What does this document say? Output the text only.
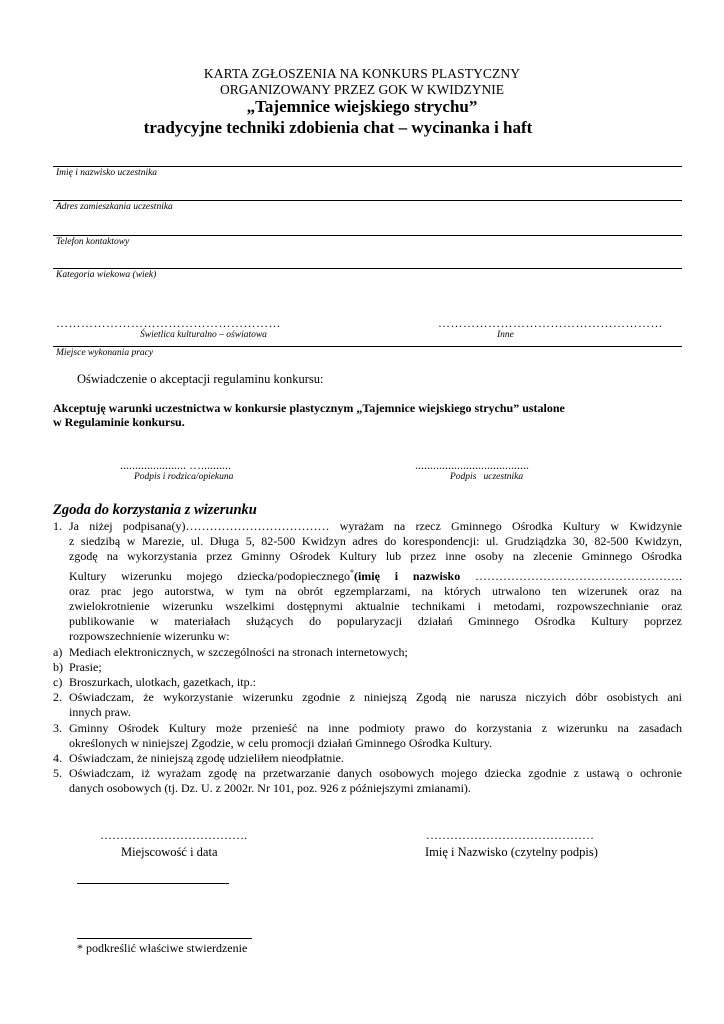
KARTA ZGŁOSZENIA NA KONKURS PLASTYCZNY
ORGANIZOWANY PRZEZ GOK W KWIDZYNIE
„Tajemnice wiejskiego strychu”
tradycyjne techniki zdobienia chat – wycinanka i haft
Imię i nazwisko uczestnika
Adres zamieszkania uczestnika
Telefon kontaktowy
Kategoria wiekowa (wiek)
………………………………………………	………………………………………………
Świetlica kulturalno – oświatowa	Inne
Miejsce wykonania pracy
Oświadczenie o akceptacji regulaminu konkursu:
Akceptuję warunki uczestnictwa w konkursie plastycznym „Tajemnice wiejskiego strychu” ustalone
w Regulaminie konkursu.
...................... …..........
Podpis i rodzica/opiekuna
......................................
Podpis   uczestnika
Zgoda do korzystania z wizerunku
1. Ja niżej podpisana(y)……………………………… wyrażam na rzecz Gminnego Ośrodka Kultury w Kwidzynie
z siedzibą w Marezie, ul. Długa 5, 82-500 Kwidzyn adres do korespondencji: ul. Grudziądzka 30, 82-500 Kwidzyn,
zgodę na wykorzystania przez Gminny Ośrodek Kultury lub przez inne osoby na zlecenie Gminnego Ośrodka
Kultury wizerunku mojego dziecka/podopiecznego*(imię i nazwisko …………………………………………….
oraz prac jego autorstwa, w tym na obrót egzemplarzami, na których utrwalono ten wizerunek oraz na
zwielokrotnienie wizerunku wszelkimi dostępnymi aktualnie technikami i metodami, rozpowszechnianie oraz
publikowanie w materiałach służących do popularyzacji działań Gminnego Ośrodka Kultury poprzez
rozpowszechnienie wizerunku w:
a) Mediach elektronicznych, w szczególności na stronach internetowych;
b) Prasie;
c) Broszurkach, ulotkach, gazetkach, itp.:
2. Oświadczam, że wykorzystanie wizerunku zgodnie z niniejszą Zgodą nie narusza niczyich dóbr osobistych ani
innych praw.
3. Gminny Ośrodek Kultury może przenieść na inne podmioty prawo do korzystania z wizerunku na zasadach
określonych w niniejszej Zgodzie, w celu promocji działań Gminnego Ośrodka Kultury.
4. Oświadczam, że niniejszą zgodę udzieliłem nieodpłatnie.
5. Oświadczam, iż wyrażam zgodę na przetwarzanie danych osobowych mojego dziecka zgodnie z ustawą o ochronie
danych osobowych (tj. Dz. U. z 2002r. Nr 101, poz. 926 z późniejszymi zmianami).
……………………………….
Miejscowość i data
……………………………………
Imię i Nazwisko (czytelny podpis)
* podkreślić właściwe stwierdzenie
